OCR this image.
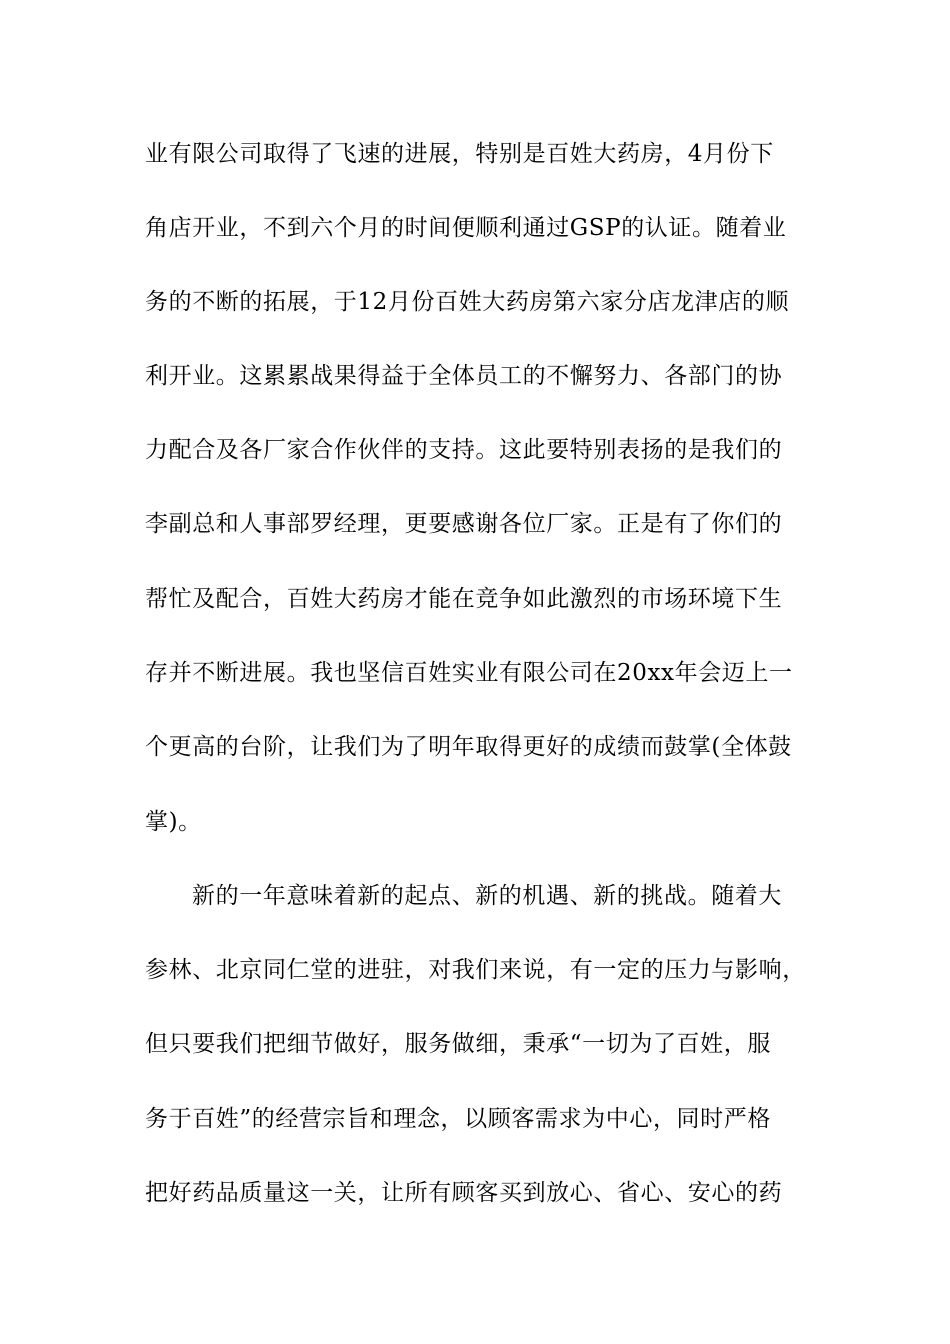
业有限公司取得了飞速的进展，特别是百姓大药房，4月份下
角店开业，不到六个月的时间便顺利通过GSP的认证。随着业
务的不断的拓展，于12月份百姓大药房第六家分店龙津店的顺
利开业。这累累战果得益于全体员工的不懈努力、各部门的协
力配合及各厂家合作伙伴的支持。这此要特别表扬的是我们的
李副总和人事部罗经理，更要感谢各位厂家。正是有了你们的
帮忙及配合，百姓大药房才能在竞争如此激烈的市场环境下生
存并不断进展。我也坚信百姓实业有限公司在20xx年会迈上一
个更高的台阶，让我们为了明年取得更好的成绩而鼓掌(全体鼓
掌)。
新的一年意味着新的起点、新的机遇、新的挑战。随着大
参林、北京同仁堂的进驻，对我们来说，有一定的压力与影响，
但只要我们把细节做好，服务做细，秉承“一切为了百姓，服
务于百姓”的经营宗旨和理念，以顾客需求为中心，同时严格
把好药品质量这一关，让所有顾客买到放心、省心、安心的药
